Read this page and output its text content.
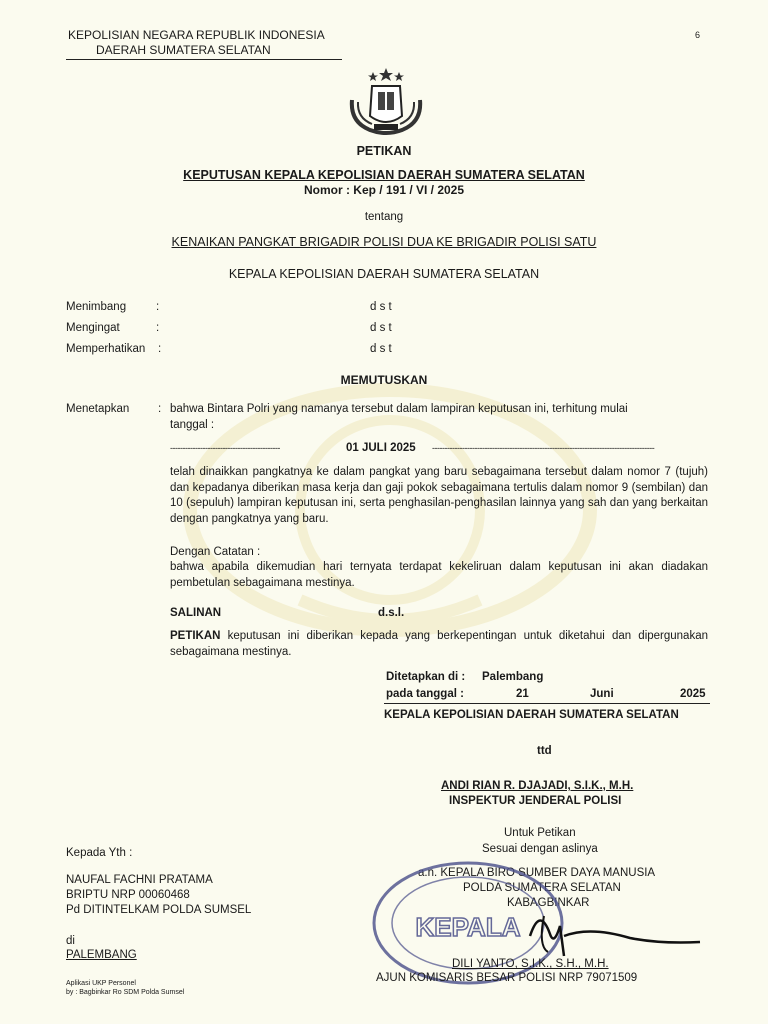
KEPOLISIAN NEGARA REPUBLIK INDONESIA
DAERAH SUMATERA SELATAN
6
PETIKAN
KEPUTUSAN KEPALA KEPOLISIAN DAERAH SUMATERA SELATAN
Nomor : Kep / 191 / VI / 2025
tentang
KENAIKAN PANGKAT BRIGADIR POLISI DUA KE BRIGADIR POLISI SATU
KEPALA KEPOLISIAN DAERAH SUMATERA SELATAN
Menimbang	:	d s t
Mengingat	:	d s t
Memperhatikan :	d s t
MEMUTUSKAN
Menetapkan : bahwa Bintara Polri yang namanya tersebut dalam lampiran keputusan ini, terhitung mulai
tanggal :
--------------------------------------------	01 JULI 2025 -----------------------------------------------------------------------------------------
telah dinaikkan pangkatnya ke dalam pangkat yang baru sebagaimana tersebut dalam nomor 7 (tujuh) dan kepadanya diberikan masa kerja dan gaji pokok sebagaimana tertulis dalam nomor 9 (sembilan) dan 10 (sepuluh) lampiran keputusan ini, serta penghasilan-penghasilan lainnya yang sah dan yang berkaitan dengan pangkatnya yang baru.
Dengan Catatan :
bahwa apabila dikemudian hari ternyata terdapat kekeliruan dalam keputusan ini akan diadakan pembetulan sebagaimana mestinya.
SALINAN	d.s.l.
PETIKAN keputusan ini diberikan kepada yang berkepentingan untuk diketahui dan dipergunakan sebagaimana mestinya.
Ditetapkan di : Palembang
pada tanggal :	21	Juni	2025
KEPALA KEPOLISIAN DAERAH SUMATERA SELATAN
ttd
ANDI RIAN R. DJAJADI, S.I.K., M.H.
INSPEKTUR JENDERAL POLISI
Untuk Petikan
Sesuai dengan aslinya
a.n. KEPALA BIRO SUMBER DAYA MANUSIA
POLDA SUMATERA SELATAN
KABAGBINKAR
KEPALA
DILI YANTO, S.I.K., S.H., M.H.
AJUN KOMISARIS BESAR POLISI NRP 79071509
Kepada Yth :
NAUFAL FACHNI PRATAMA
BRIPTU NRP 00060468
Pd DITINTELKAM POLDA SUMSEL
di
PALEMBANG
Aplikasi UKP Personel
by : Bagbinkar Ro SDM Polda Sumsel
